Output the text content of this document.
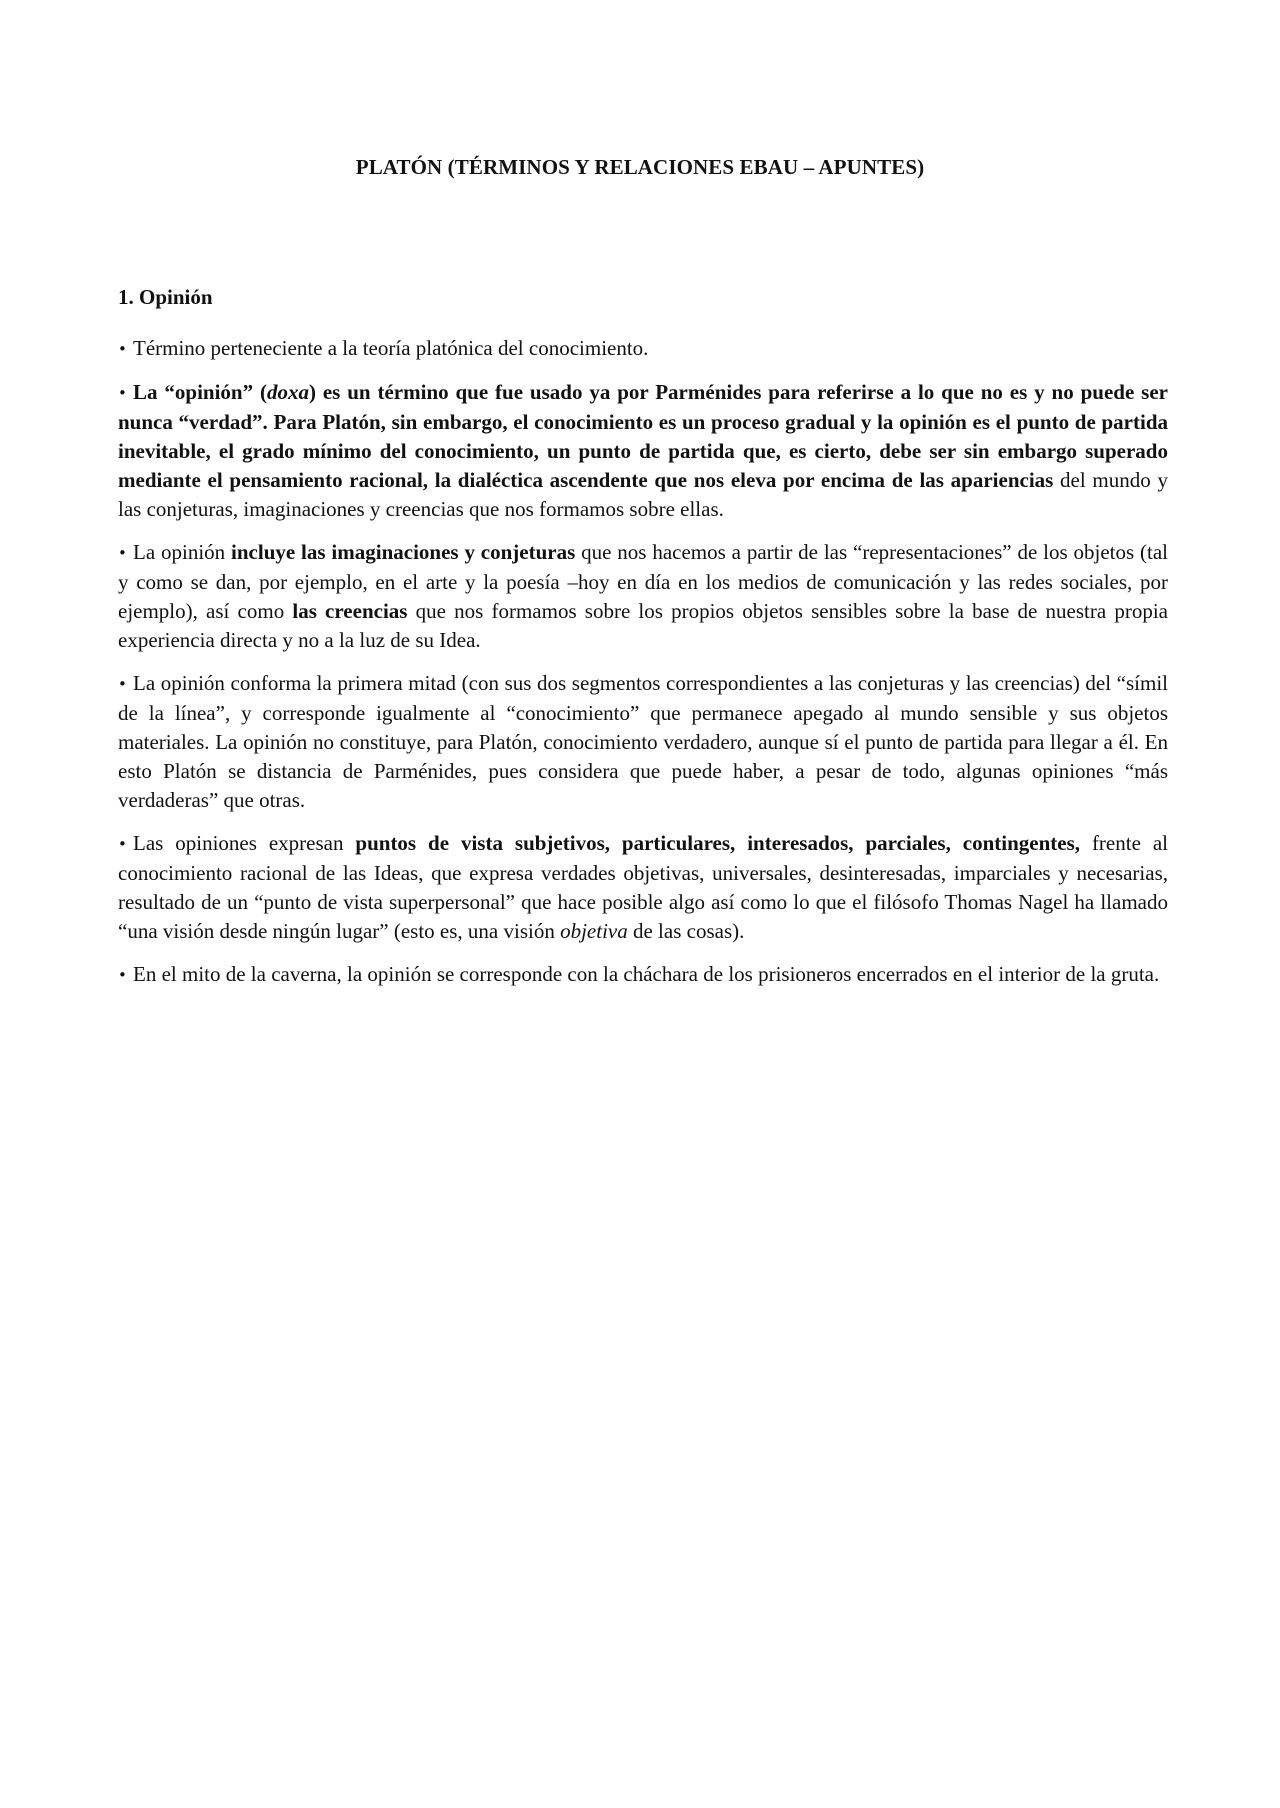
PLATÓN (TÉRMINOS Y RELACIONES EBAU – APUNTES)
1. Opinión

• Término perteneciente a la teoría platónica del conocimiento.

• La “opinión” (doxa) es un término que fue usado ya por Parménides para referirse a lo que no es y no puede ser nunca “verdad”. Para Platón, sin embargo, el conocimiento es un proceso gradual y la opinión es el punto de partida inevitable, el grado mínimo del conocimiento, un punto de partida que, es cierto, debe ser sin embargo superado mediante el pensamiento racional, la dialéctica ascendente que nos eleva por encima de las apariencias del mundo y las conjeturas, imaginaciones y creencias que nos formamos sobre ellas.

• La opinión incluye las imaginaciones y conjeturas que nos hacemos a partir de las “representaciones” de los objetos (tal y como se dan, por ejemplo, en el arte y la poesía –hoy en día en los medios de comunicación y las redes sociales, por ejemplo), así como las creencias que nos formamos sobre los propios objetos sensibles sobre la base de nuestra propia experiencia directa y no a la luz de su Idea.

• La opinión conforma la primera mitad (con sus dos segmentos correspondientes a las conjeturas y las creencias) del “símil de la línea”, y corresponde igualmente al “conocimiento” que permanece apegado al mundo sensible y sus objetos materiales. La opinión no constituye, para Platón, conocimiento verdadero, aunque sí el punto de partida para llegar a él. En esto Platón se distancia de Parménides, pues considera que puede haber, a pesar de todo, algunas opiniones “más verdaderas” que otras.

• Las opiniones expresan puntos de vista subjetivos, particulares, interesados, parciales, contingentes, frente al conocimiento racional de las Ideas, que expresa verdades objetivas, universales, desinteresadas, imparciales y necesarias, resultado de un “punto de vista superpersonal” que hace posible algo así como lo que el filósofo Thomas Nagel ha llamado “una visión desde ningún lugar” (esto es, una visión objetiva de las cosas).

• En el mito de la caverna, la opinión se corresponde con la cháchara de los prisioneros encerrados en el interior de la gruta.
